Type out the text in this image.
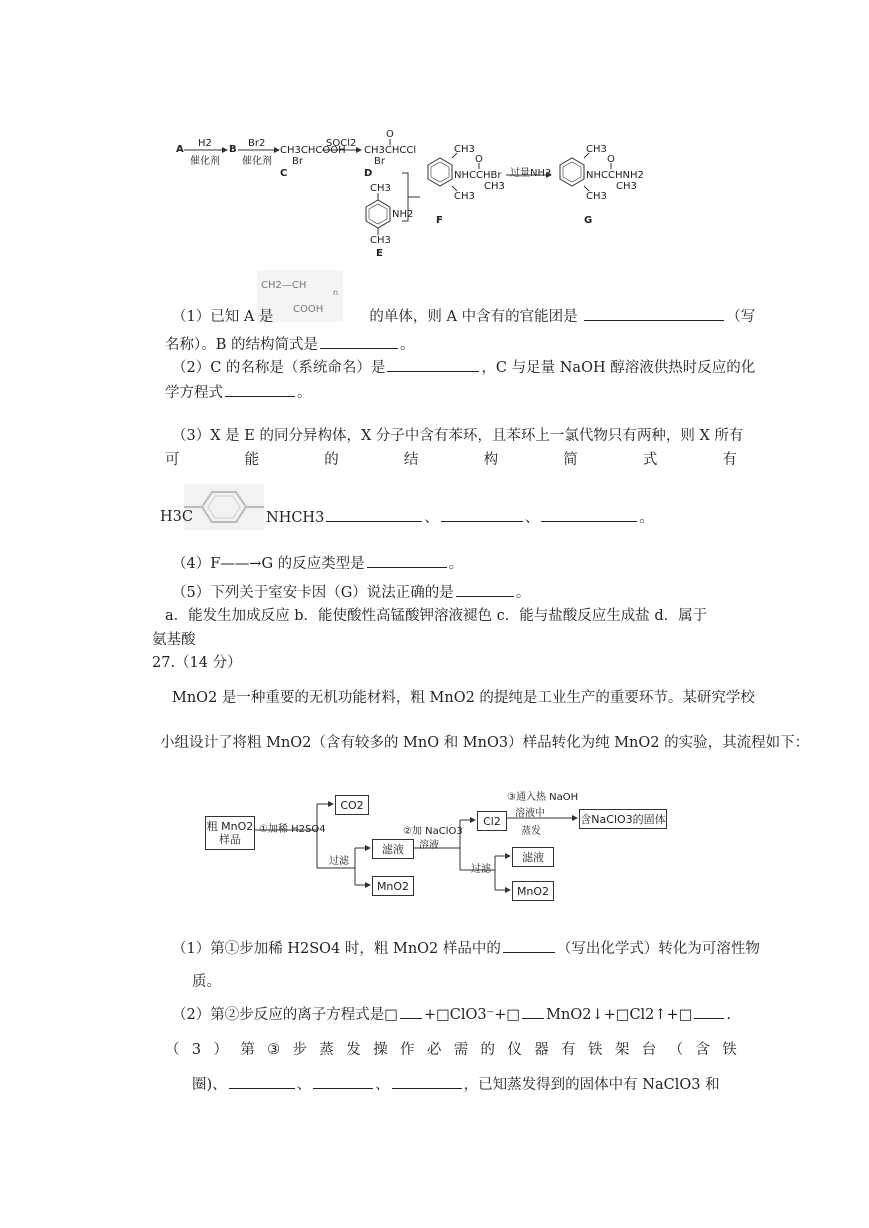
A
H2
催化剂
B
Br2
催化剂
CH3CHCOOH
Br
C
SOCl2
O
CH3CHCCl
Br
D
CH3
NH2
CH3
E
CH3
O
NHCCHBr
CH3
CH3
F
过量NH3
CH3
O
NHCCHNH2
CH3
CH3
G
CH2—CH
n
COOH
（1）已知 A 是	的单体，则 A 中含有的官能团是	（写
名称）。B 的结构简式是	。
（2）C 的名称是（系统命名）是	，C 与足量 NaOH 醇溶液供热时反应的化
学方程式	。
（3）X 是 E 的同分异构体，X 分子中含有苯环，且苯环上一氯代物只有两种，则 X 所有
可	能	的	结	构	简	式	有
H3C	NHCH3	、	、	。
（4）F——→G 的反应类型是	。
（5）下列关于室安卡因（G）说法正确的是	。
a．能发生加成反应 b．能使酸性高锰酸钾溶液褪色 c．能与盐酸反应生成盐 d．属于
氨基酸
27.（14 分）
MnO2 是一种重要的无机功能材料，粗 MnO2 的提纯是工业生产的重要环节。某研究学校
小组设计了将粗 MnO2（含有较多的 MnO 和 MnO3）样品转化为纯 MnO2 的实验，其流程如下：
粗 MnO2
样品
①加稀 H2SO4
CO2
过滤
滤液
MnO2
②加 NaClO3
溶液
Cl2
③通入热 NaOH
溶液中
蒸发
含NaClO3的固体
过滤
滤液
MnO2
（1）第①步加稀 H2SO4 时，粗 MnO2 样品中的	（写出化学式）转化为可溶性物
质。
（2）第②步反应的离子方程式是□ +□ClO3⁻+□ MnO2↓+□Cl2↑+□ .
（ 3 ） 第 ③ 步 蒸 发 操 作 必 需 的 仪 器 有 铁 架 台 （ 含 铁
圈)、	、	、	，已知蒸发得到的固体中有 NaClO3 和
